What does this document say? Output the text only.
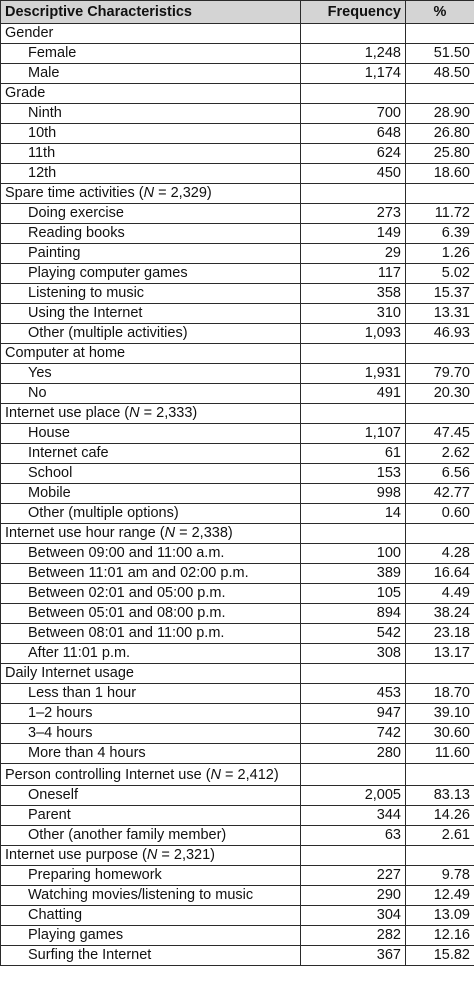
Descriptive Characteristics	Frequency	%
Gender		
Female	1,248	51.50
Male	1,174	48.50
Grade		
Ninth	700	28.90
10th	648	26.80
11th	624	25.80
12th	450	18.60
Spare time activities (N = 2,329)		
Doing exercise	273	11.72
Reading books	149	6.39
Painting	29	1.26
Playing computer games	117	5.02
Listening to music	358	15.37
Using the Internet	310	13.31
Other (multiple activities)	1,093	46.93
Computer at home		
Yes	1,931	79.70
No	491	20.30
Internet use place (N = 2,333)		
House	1,107	47.45
Internet cafe	61	2.62
School	153	6.56
Mobile	998	42.77
Other (multiple options)	14	0.60
Internet use hour range (N = 2,338)		
Between 09:00 and 11:00 a.m.	100	4.28
Between 11:01 am and 02:00 p.m.	389	16.64
Between 02:01 and 05:00 p.m.	105	4.49
Between 05:01 and 08:00 p.m.	894	38.24
Between 08:01 and 11:00 p.m.	542	23.18
After 11:01 p.m.	308	13.17
Daily Internet usage		
Less than 1 hour	453	18.70
1–2 hours	947	39.10
3–4 hours	742	30.60
More than 4 hours	280	11.60
Person controlling Internet use (N = 2,412)		
Oneself	2,005	83.13
Parent	344	14.26
Other (another family member)	63	2.61
Internet use purpose (N = 2,321)		
Preparing homework	227	9.78
Watching movies/listening to music	290	12.49
Chatting	304	13.09
Playing games	282	12.16
Surfing the Internet	367	15.82
